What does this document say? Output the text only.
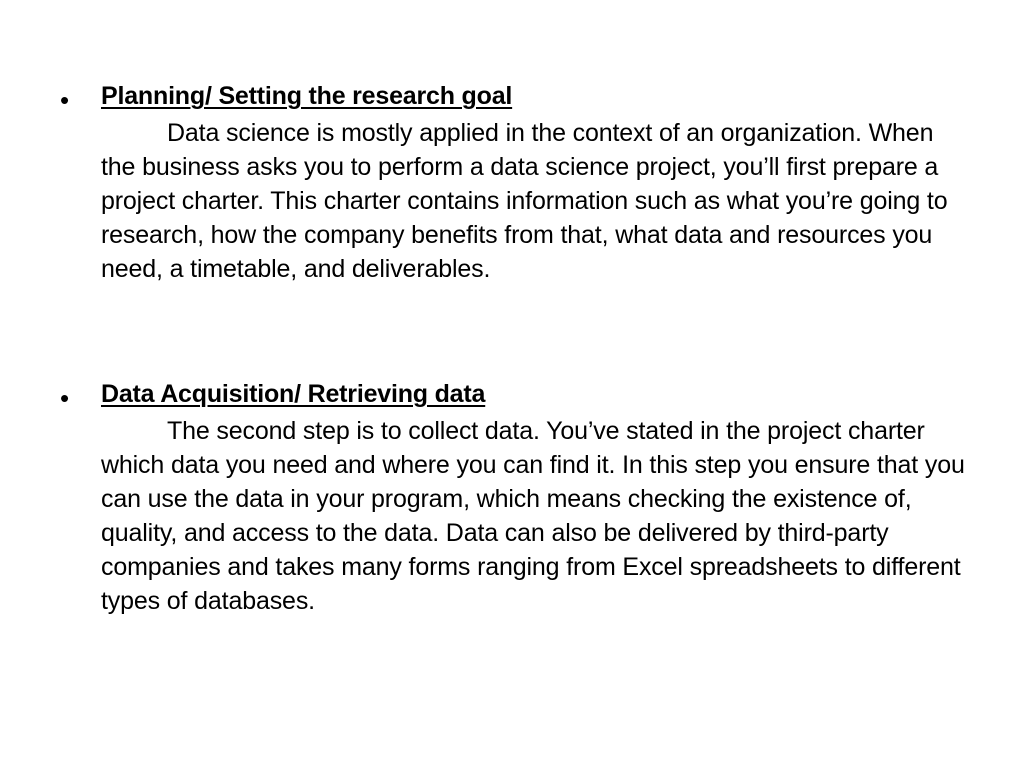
• Planning/ Setting the research goal

Data science is mostly applied in the context of an organization. When the business asks you to perform a data science project, you’ll first prepare a project charter. This charter contains information such as what you’re going to research, how the company benefits from that, what data and resources you need, a timetable, and deliverables.

• Data Acquisition/ Retrieving data

The second step is to collect data. You’ve stated in the project charter which data you need and where you can find it. In this step you ensure that you can use the data in your program, which means checking the existence of, quality, and access to the data. Data can also be delivered by third-party companies and takes many forms ranging from Excel spreadsheets to different types of databases.
